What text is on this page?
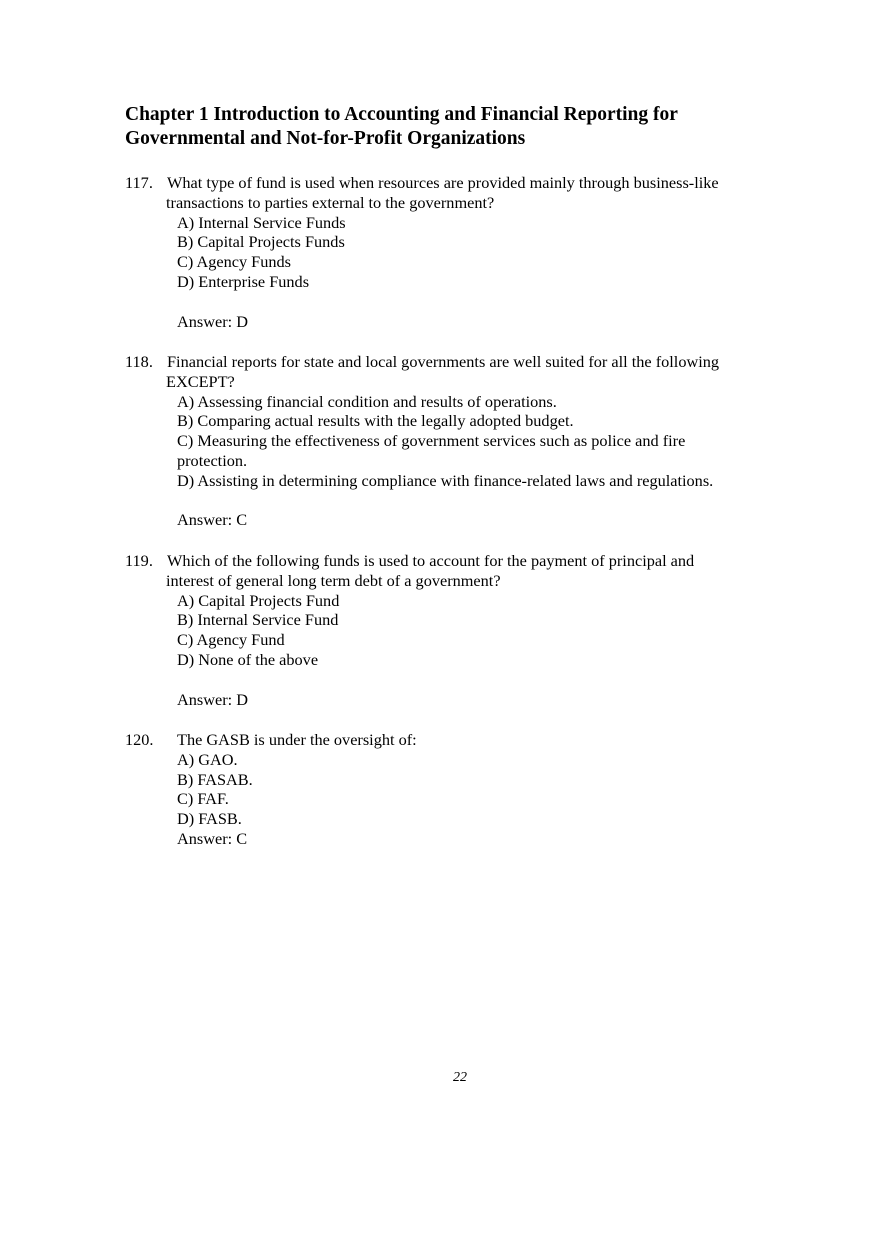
Chapter 1 Introduction to Accounting and Financial Reporting for
Governmental and Not-for-Profit Organizations
117. What type of fund is used when resources are provided mainly through business-like
transactions to parties external to the government?
A) Internal Service Funds
B) Capital Projects Funds
C) Agency Funds
D) Enterprise Funds
Answer: D
118. Financial reports for state and local governments are well suited for all the following
EXCEPT?
A) Assessing financial condition and results of operations.
B) Comparing actual results with the legally adopted budget.
C) Measuring the effectiveness of government services such as police and fire
protection.
D) Assisting in determining compliance with finance-related laws and regulations.
Answer: C
119. Which of the following funds is used to account for the payment of principal and
interest of general long term debt of a government?
A) Capital Projects Fund
B) Internal Service Fund
C) Agency Fund
D) None of the above
Answer: D
120. The GASB is under the oversight of:
A) GAO.
B) FASAB.
C) FAF.
D) FASB.
Answer: C
22
